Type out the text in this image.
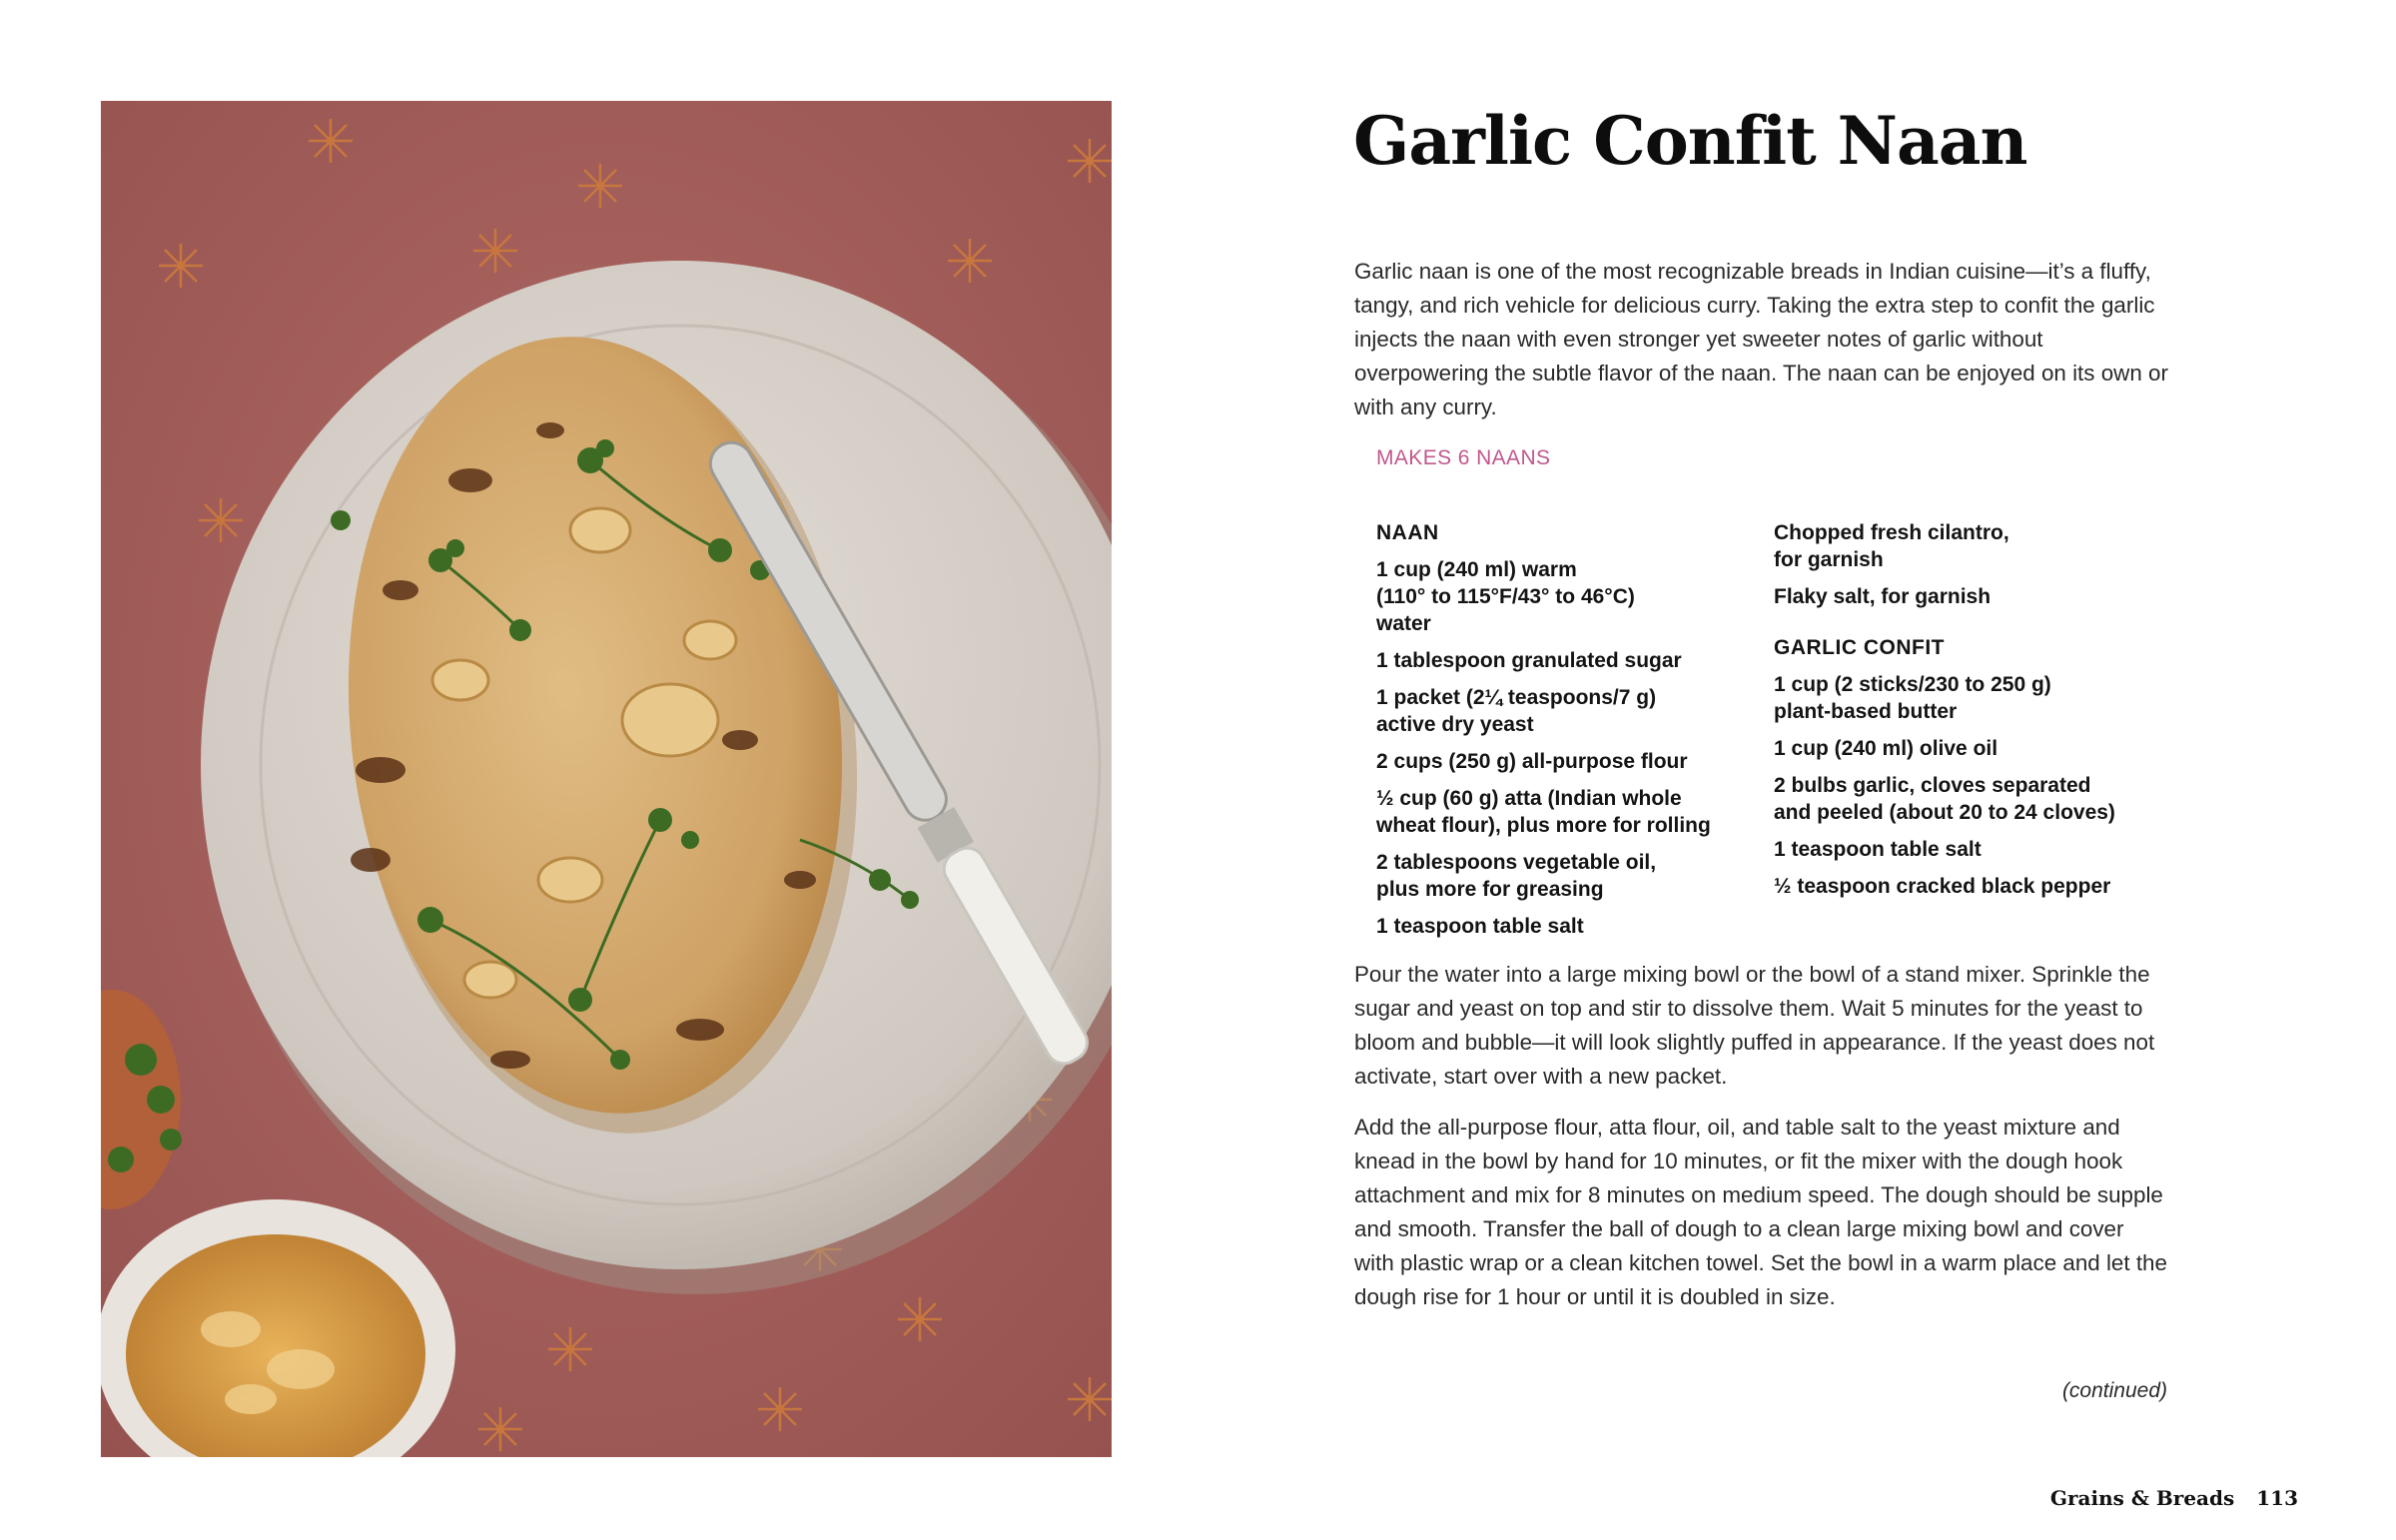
Garlic Confit Naan

Garlic naan is one of the most recognizable breads in Indian cuisine—it’s a fluffy, tangy, and rich vehicle for delicious curry. Taking the extra step to confit the garlic injects the naan with even stronger yet sweeter notes of garlic without overpowering the subtle flavor of the naan. The naan can be enjoyed on its own or with any curry.

MAKES 6 NAANS

NAAN
1 cup (240 ml) warm
(110° to 115°F/43° to 46°C)
water
1 tablespoon granulated sugar
1 packet (2¼ teaspoons/7 g)
active dry yeast
2 cups (250 g) all-purpose flour
½ cup (60 g) atta (Indian whole
wheat flour), plus more for rolling
2 tablespoons vegetable oil,
plus more for greasing
1 teaspoon table salt
Chopped fresh cilantro,
for garnish
Flaky salt, for garnish
GARLIC CONFIT
1 cup (2 sticks/230 to 250 g)
plant-based butter
1 cup (240 ml) olive oil
2 bulbs garlic, cloves separated
and peeled (about 20 to 24 cloves)
1 teaspoon table salt
½ teaspoon cracked black pepper

Pour the water into a large mixing bowl or the bowl of a stand mixer. Sprinkle the sugar and yeast on top and stir to dissolve them. Wait 5 minutes for the yeast to bloom and bubble—it will look slightly puffed in appearance. If the yeast does not activate, start over with a new packet.

Add the all-purpose flour, atta flour, oil, and table salt to the yeast mixture and knead in the bowl by hand for 10 minutes, or fit the mixer with the dough hook attachment and mix for 8 minutes on medium speed. The dough should be supple and smooth. Transfer the ball of dough to a clean large mixing bowl and cover with plastic wrap or a clean kitchen towel. Set the bowl in a warm place and let the dough rise for 1 hour or until it is doubled in size.

(continued)

Grains & Breads 113
